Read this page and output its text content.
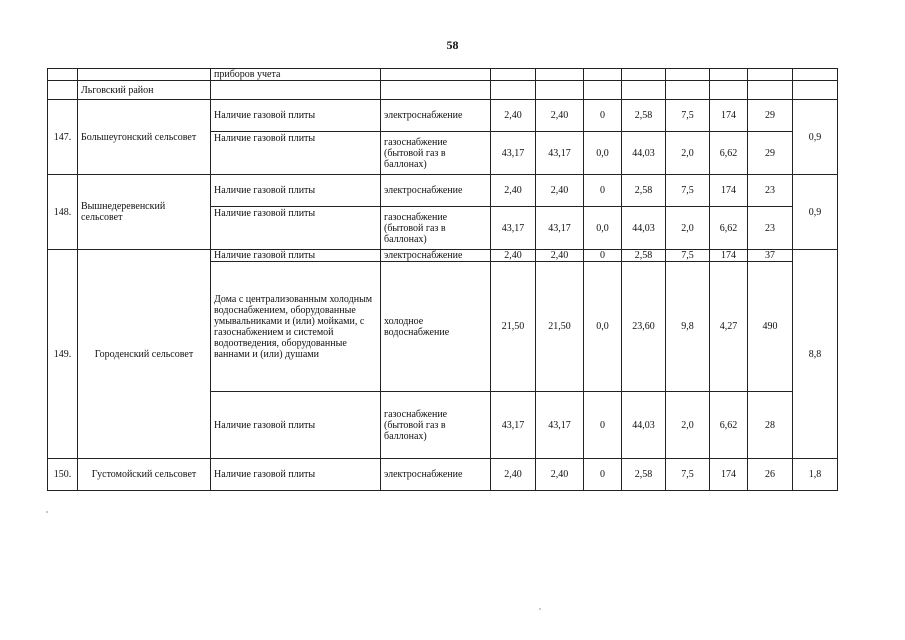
58
		приборов учета									
	Льговский район										
147.	Большеугонский сельсовет	Наличие газовой плиты	электроснабжение	2,40	2,40	0	2,58	7,5	174	29	0,9
		Наличие газовой плиты	газоснабжение (бытовой газ в баллонах)	43,17	43,17	0,0	44,03	2,0	6,62	29	
148.	Вышнедеревенский сельсовет	Наличие газовой плиты	электроснабжение	2,40	2,40	0	2,58	7,5	174	23	0,9
		Наличие газовой плиты	газоснабжение (бытовой газ в баллонах)	43,17	43,17	0,0	44,03	2,0	6,62	23	
149.	Городенский сельсовет	Наличие газовой плиты	электроснабжение	2,40	2,40	0	2,58	7,5	174	37	8,8
		Дома с централизованным холодным водоснабжением, оборудованные умывальниками и (или) мойками, с газоснабжением и системой водоотведения, оборудованные ваннами и (или) душами	холодное водоснабжение	21,50	21,50	0,0	23,60	9,8	4,27	490	
		Наличие газовой плиты	газоснабжение (бытовой газ в баллонах)	43,17	43,17	0	44,03	2,0	6,62	28	
150.	Густомойский сельсовет	Наличие газовой плиты	электроснабжение	2,40	2,40	0	2,58	7,5	174	26	1,8
